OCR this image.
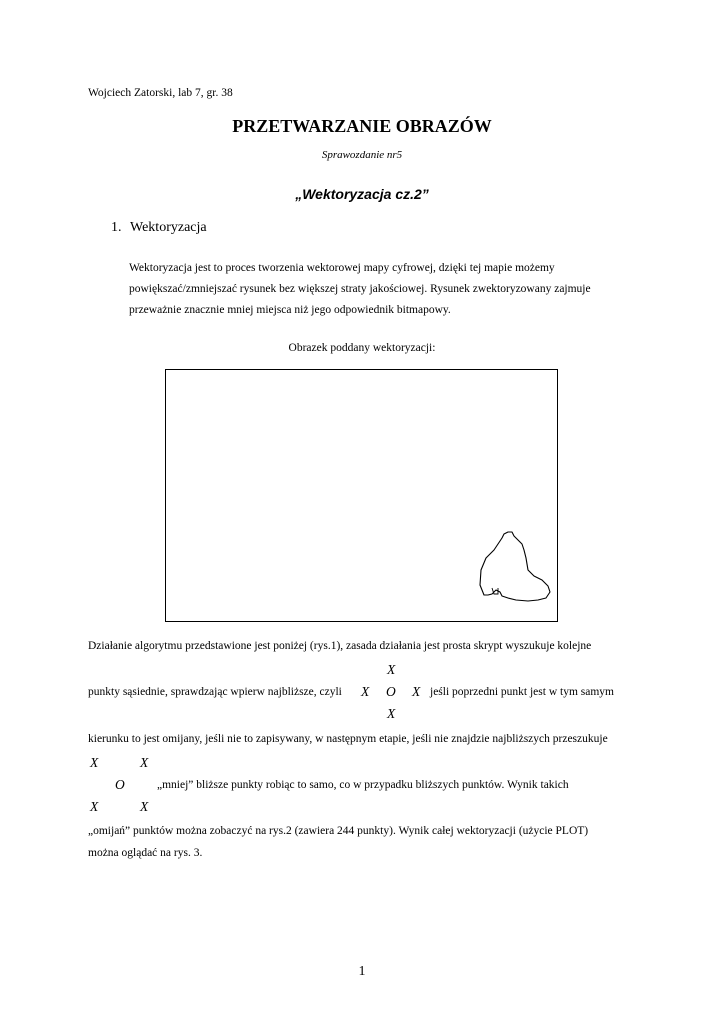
Wojciech Zatorski, lab 7, gr. 38
PRZETWARZANIE OBRAZÓW
Sprawozdanie nr5
„Wektoryzacja cz.2”
1. Wektoryzacja
Wektoryzacja jest to proces tworzenia wektorowej mapy cyfrowej, dzięki tej mapie możemy
powiększać/zmniejszać rysunek bez większej straty jakościowej. Rysunek zwektoryzowany zajmuje
przeważnie znacznie mniej miejsca niż jego odpowiednik bitmapowy.
Obrazek poddany wektoryzacji:
Działanie algorytmu przedstawione jest poniżej (rys.1), zasada działania jest prosta skrypt wyszukuje kolejne
X
punkty sąsiednie, sprawdzając wpierw najbliższe, czyli X O X jeśli poprzedni punkt jest w tym samym
X
kierunku to jest omijany, jeśli nie to zapisywany, w następnym etapie, jeśli nie znajdzie najbliższych przeszukuje
X	X
O	„mniej” bliższe punkty robiąc to samo, co w przypadku bliższych punktów. Wynik takich
X	X
„omijań” punktów można zobaczyć na rys.2 (zawiera 244 punkty). Wynik całej wektoryzacji (użycie PLOT)
można oglądać na rys. 3.
1
